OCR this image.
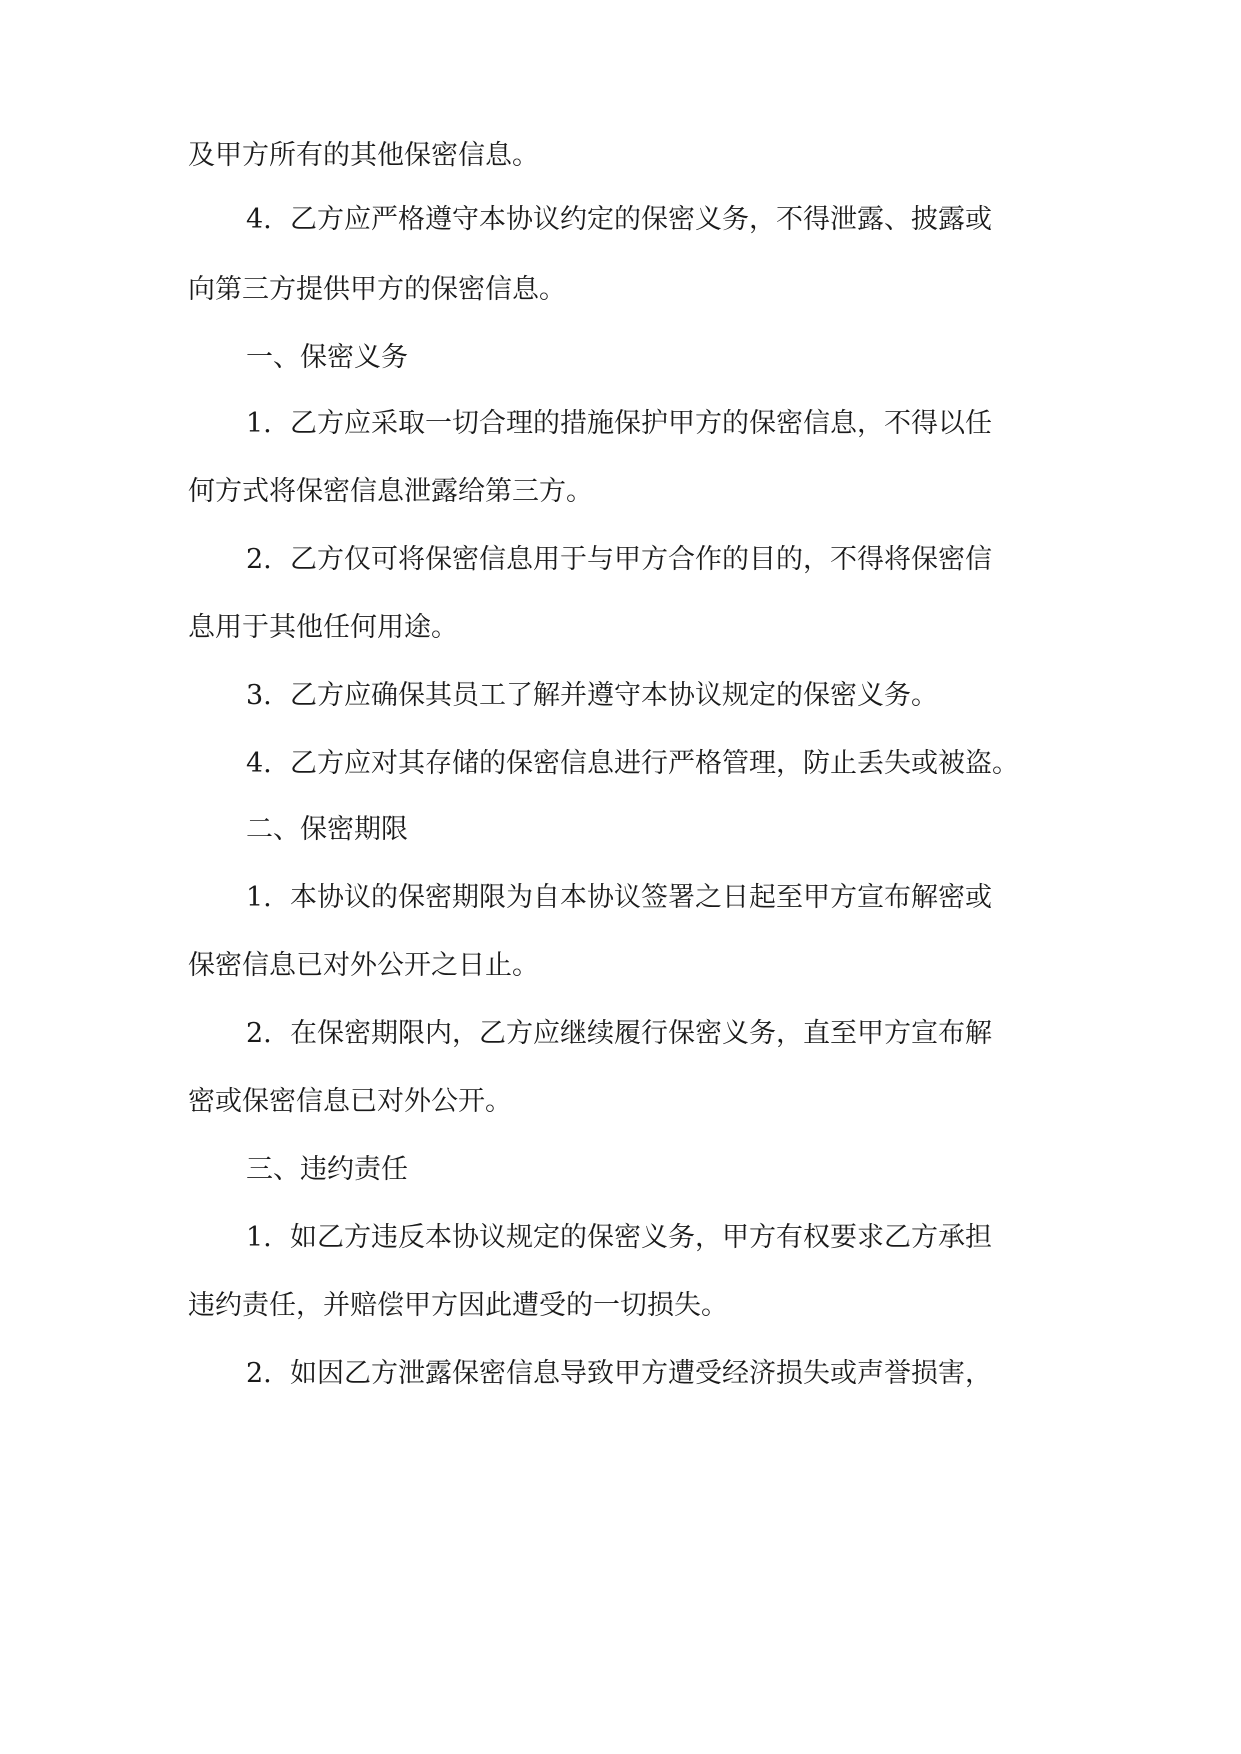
及甲方所有的其他保密信息。

4. 乙方应严格遵守本协议约定的保密义务，不得泄露、披露或

向第三方提供甲方的保密信息。

一、保密义务

1. 乙方应采取一切合理的措施保护甲方的保密信息，不得以任

何方式将保密信息泄露给第三方。

2. 乙方仅可将保密信息用于与甲方合作的目的，不得将保密信

息用于其他任何用途。

3. 乙方应确保其员工了解并遵守本协议规定的保密义务。

4. 乙方应对其存储的保密信息进行严格管理，防止丢失或被盗。

二、保密期限

1. 本协议的保密期限为自本协议签署之日起至甲方宣布解密或

保密信息已对外公开之日止。

2. 在保密期限内，乙方应继续履行保密义务，直至甲方宣布解

密或保密信息已对外公开。

三、违约责任

1. 如乙方违反本协议规定的保密义务，甲方有权要求乙方承担

违约责任，并赔偿甲方因此遭受的一切损失。

2. 如因乙方泄露保密信息导致甲方遭受经济损失或声誉损害，
